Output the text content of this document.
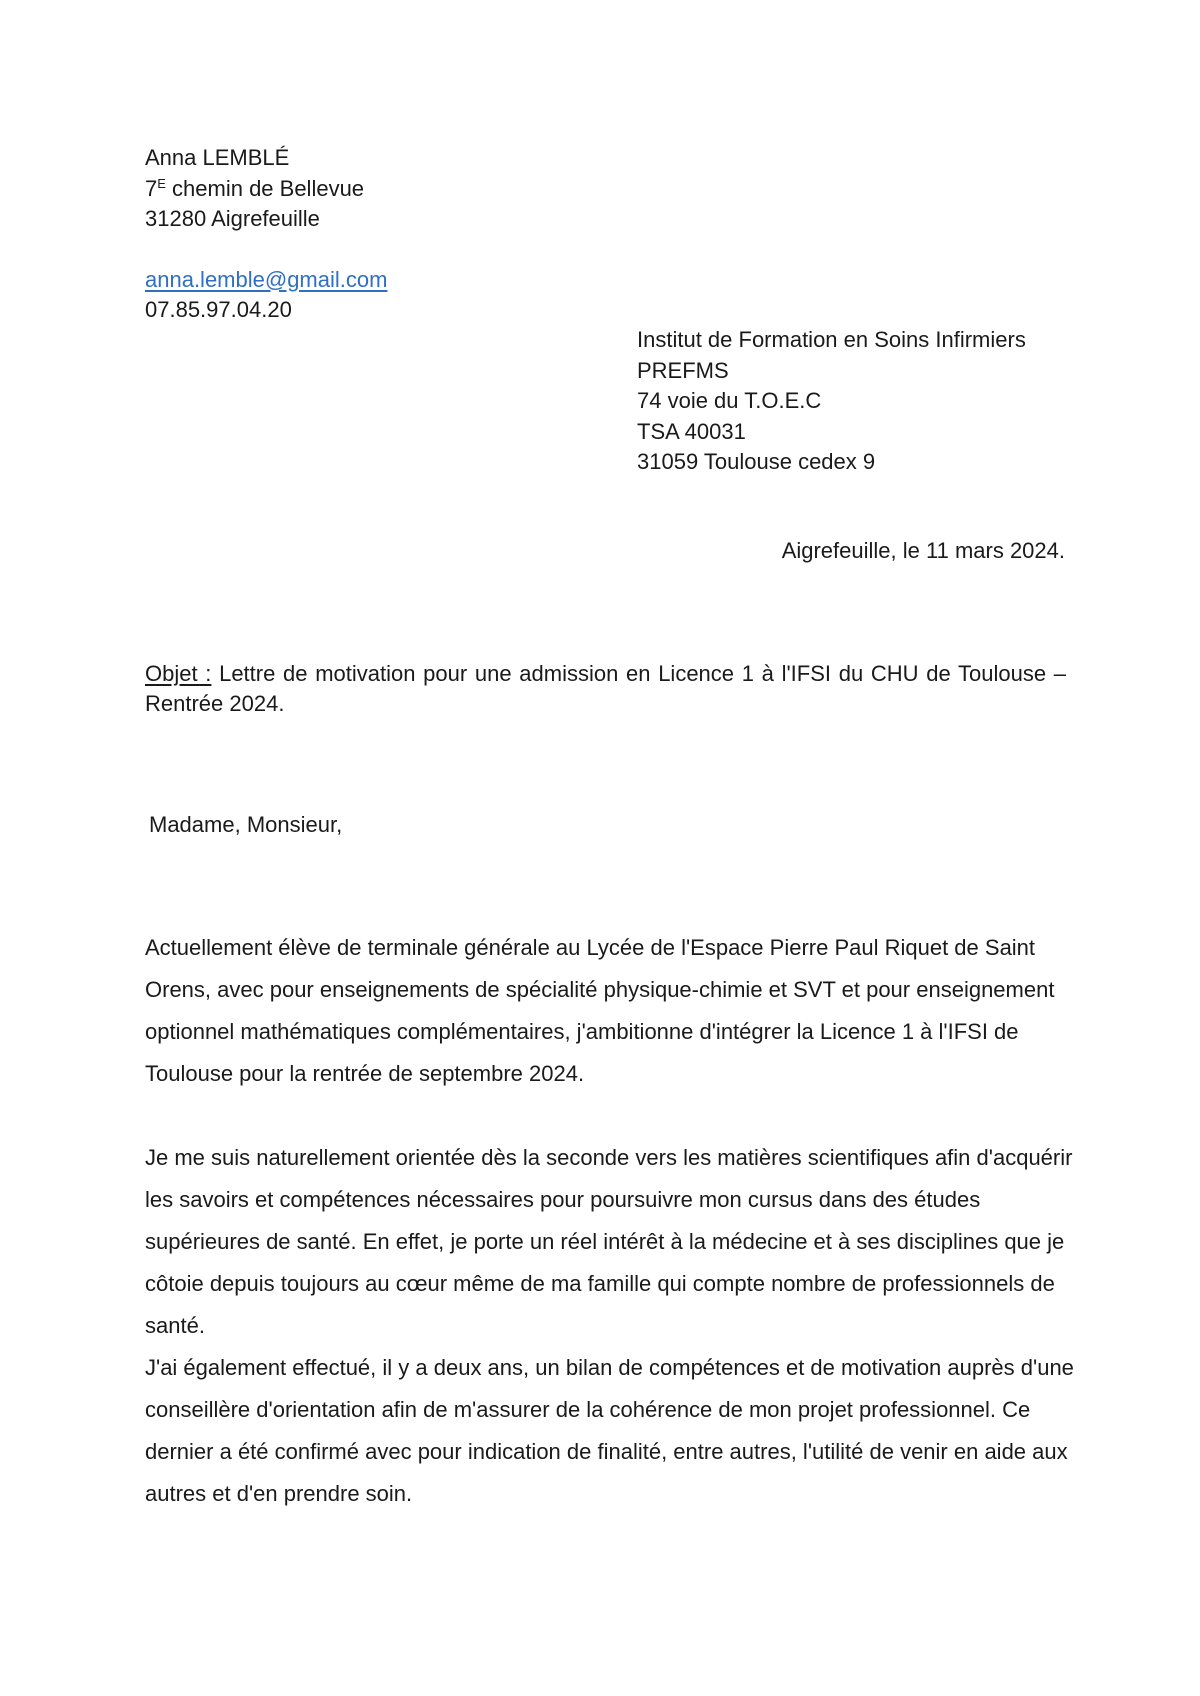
Anna LEMBLÉ
$7^E$ chemin de Bellevue
31280 Aigrefeuille
anna.lemble@gmail.com
07.85.97.04.20
Institut de Formation en Soins Infirmiers
PREFMS
74 voie du T.O.E.C
TSA 40031
31059 Toulouse cedex 9
Aigrefeuille, le 11 mars 2024.
Objet : Lettre de motivation pour une admission en Licence 1 à l'IFSI du CHU de Toulouse – Rentrée 2024.
Madame, Monsieur,

Actuellement élève de terminale générale au Lycée de l'Espace Pierre Paul Riquet de Saint Orens, avec pour enseignements de spécialité physique-chimie et SVT et pour enseignement optionnel mathématiques complémentaires, j'ambitionne d'intégrer la Licence 1 à l'IFSI de Toulouse pour la rentrée de septembre 2024.

Je me suis naturellement orientée dès la seconde vers les matières scientifiques afin d'acquérir les savoirs et compétences nécessaires pour poursuivre mon cursus dans des études supérieures de santé. En effet, je porte un réel intérêt à la médecine et à ses disciplines que je côtoie depuis toujours au cœur même de ma famille qui compte nombre de professionnels de santé.

J'ai également effectué, il y a deux ans, un bilan de compétences et de motivation auprès d'une conseillère d'orientation afin de m'assurer de la cohérence de mon projet professionnel. Ce dernier a été confirmé avec pour indication de finalité, entre autres, l'utilité de venir en aide aux autres et d'en prendre soin.
